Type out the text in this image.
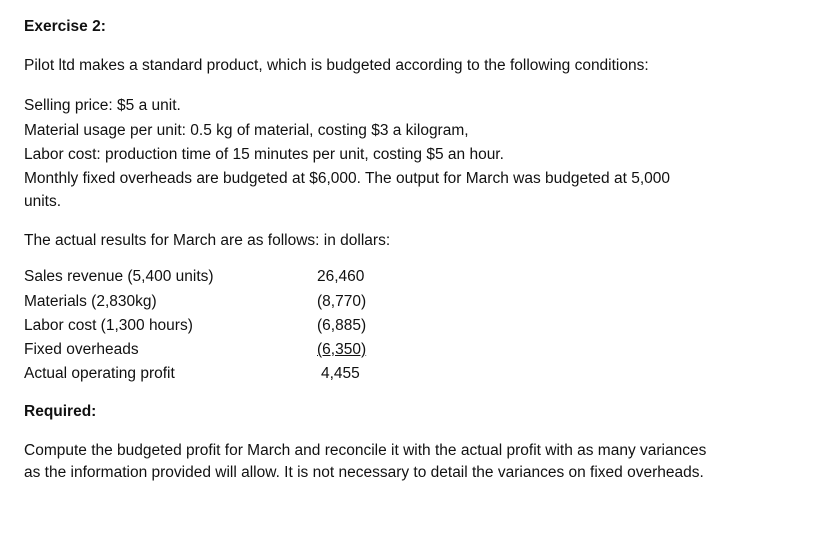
Exercise 2:
Pilot ltd makes a standard product, which is budgeted according to the following conditions:
Selling price: $5 a unit.
Material usage per unit: 0.5 kg of material, costing $3 a kilogram,
Labor cost: production time of 15 minutes per unit, costing $5 an hour.
Monthly fixed overheads are budgeted at $6,000. The output for March was budgeted at 5,000
units.
The actual results for March are as follows: in dollars:
Sales revenue (5,400 units)	26,460
Materials (2,830kg)	(8,770)
Labor cost (1,300 hours)	(6,885)
Fixed overheads	(6,350)
Actual operating profit	4,455
Required:
Compute the budgeted profit for March and reconcile it with the actual profit with as many variances
as the information provided will allow. It is not necessary to detail the variances on fixed overheads.
